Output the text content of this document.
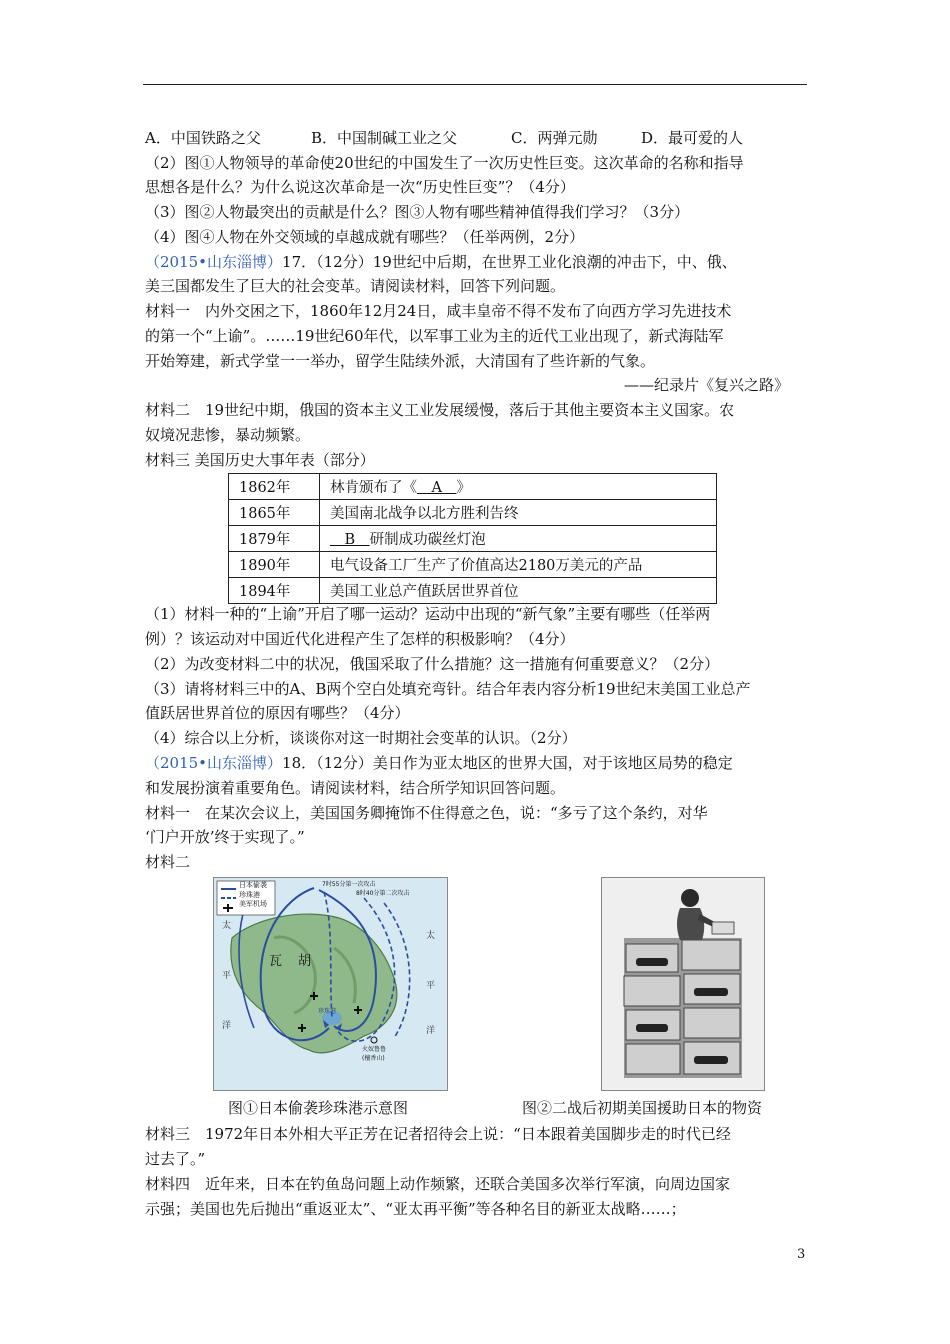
A．中国铁路之父	B．中国制碱工业之父	C．两弹元勋	D．最可爱的人
（2）图①人物领导的革命使20世纪的中国发生了一次历史性巨变。这次革命的名称和指导
思想各是什么？为什么说这次革命是一次“历史性巨变”？（4分）
（3）图②人物最突出的贡献是什么？图③人物有哪些精神值得我们学习？（3分）
（4）图④人物在外交领域的卓越成就有哪些？（任举两例，2分）
（2015•山东淄博）17．（12分）19世纪中后期，在世界工业化浪潮的冲击下，中、俄、
美三国都发生了巨大的社会变革。请阅读材料，回答下列问题。
材料一　内外交困之下，1860年12月24日，咸丰皇帝不得不发布了向西方学习先进技术
的第一个“上谕”。……19世纪60年代，以军事工业为主的近代工业出现了，新式海陆军
开始筹建，新式学堂一一举办，留学生陆续外派，大清国有了些许新的气象。
——纪录片《复兴之路》
材料二　19世纪中期，俄国的资本主义工业发展缓慢，落后于其他主要资本主义国家。农
奴境况悲惨，暴动频繁。
材料三 美国历史大事年表（部分）
1862年	林肯颁布了《　A　》
1865年	美国南北战争以北方胜利告终
1879年	　B　研制成功碳丝灯泡
1890年	电气设备工厂生产了价值高达2180万美元的产品
1894年	美国工业总产值跃居世界首位
（1）材料一种的“上谕”开启了哪一运动？运动中出现的“新气象”主要有哪些（任举两
例）？该运动对中国近代化进程产生了怎样的积极影响？（4分）
（2）为改变材料二中的状况，俄国采取了什么措施？这一措施有何重要意义？（2分）
（3）请将材料三中的A、B两个空白处填充弯针。结合年表内容分析19世纪末美国工业总产
值跃居世界首位的原因有哪些？（4分）
（4）综合以上分析，谈谈你对这一时期社会变革的认识。（2分）
（2015•山东淄博）18．（12分）美日作为亚太地区的世界大国，对于该地区局势的稳定
和发展扮演着重要角色。请阅读材料，结合所学知识回答问题。
材料一　在某次会议上，美国国务卿掩饰不住得意之色，说：“多亏了这个条约，对华
‘门户开放’终于实现了。”
材料二
日本偷袭
珍珠港
美军机场
7时55分第一次攻击
8时40分第二次攻击
太
平
洋
太
平
洋
瓦 胡
珍珠港
火奴鲁鲁(檀香山)
图①日本偷袭珍珠港示意图	图②二战后初期美国援助日本的物资
材料三　1972年日本外相大平正芳在记者招待会上说：“日本跟着美国脚步走的时代已经
过去了。”
材料四　近年来，日本在钓鱼岛问题上动作频繁，还联合美国多次举行军演，向周边国家
示强；美国也先后抛出“重返亚太”、“亚太再平衡”等各种名目的新亚太战略……；
3
